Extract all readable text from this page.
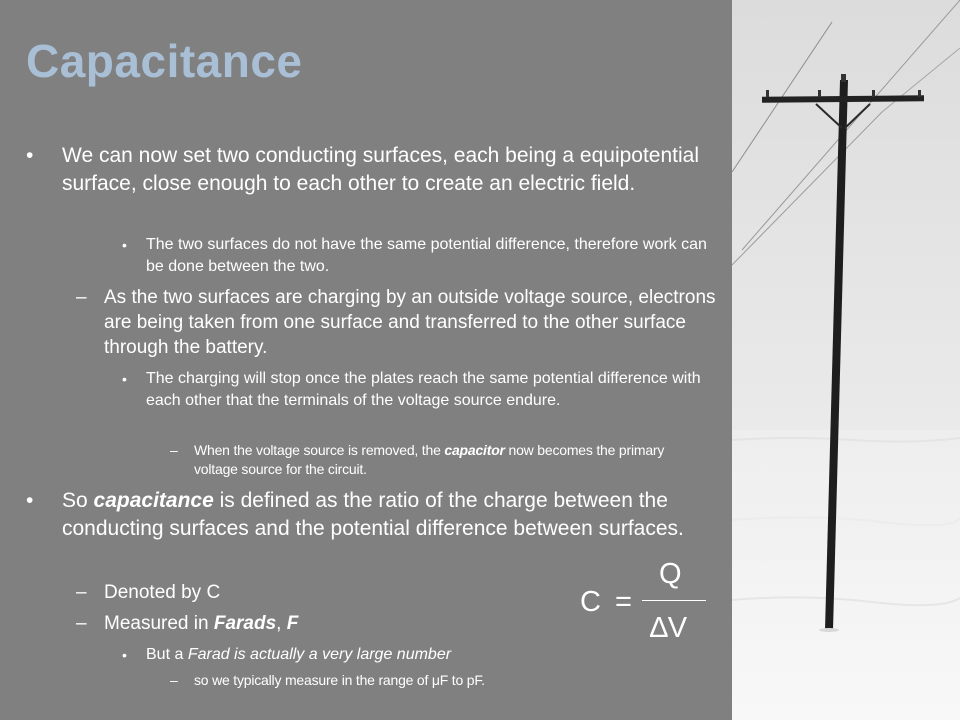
Capacitance
•	We can now set two conducting surfaces, each being a equipotential surface, close enough to each other to create an electric field.
•	The two surfaces do not have the same potential difference, therefore work can be done between the two.
– As the two surfaces are charging by an outside voltage source, electrons are being taken from one surface and transferred to the other surface through the battery.
•	The charging will stop once the plates reach the same potential difference with each other that the terminals of the voltage source endure.
–	When the voltage source is removed, the capacitor now becomes the primary voltage source for the circuit.
•	So capacitance is defined as the ratio of the charge between the conducting surfaces and the potential difference between surfaces.
– Denoted by C
– Measured in Farads, F
•	But a Farad is actually a very large number
–	so we typically measure in the range of μF to pF.
C =
Q
∆V
